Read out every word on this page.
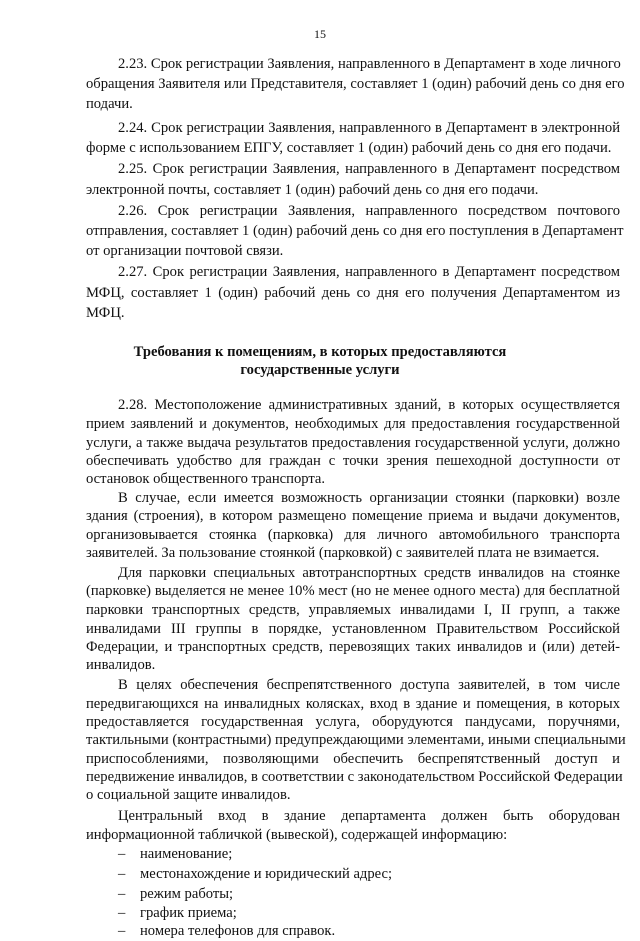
15
2.23. Срок регистрации Заявления, направленного в Департамент в ходе личного
обращения Заявителя или Представителя, составляет 1 (один) рабочий день со дня его
подачи.
2.24. Срок регистрации Заявления, направленного в Департамент в электронной
форме с использованием ЕПГУ, составляет 1 (один) рабочий день со дня его подачи.
2.25. Срок регистрации Заявления, направленного в Департамент посредством
электронной почты, составляет 1 (один) рабочий день со дня его подачи.
2.26. Срок регистрации Заявления, направленного посредством почтового
отправления, составляет 1 (один) рабочий день со дня его поступления в Департамент
от организации почтовой связи.
2.27. Срок регистрации Заявления, направленного в Департамент посредством
МФЦ, составляет 1 (один) рабочий день со дня его получения Департаментом из
МФЦ.
Требования к помещениям, в которых предоставляются
государственные услуги
2.28. Местоположение административных зданий, в которых осуществляется
прием заявлений и документов, необходимых для предоставления государственной
услуги, а также выдача результатов предоставления государственной услуги, должно
обеспечивать удобство для граждан с точки зрения пешеходной доступности от
остановок общественного транспорта.
В случае, если имеется возможность организации стоянки (парковки) возле
здания (строения), в котором размещено помещение приема и выдачи документов,
организовывается стоянка (парковка) для личного автомобильного транспорта
заявителей. За пользование стоянкой (парковкой) с заявителей плата не взимается.
Для парковки специальных автотранспортных средств инвалидов на стоянке
(парковке) выделяется не менее 10% мест (но не менее одного места) для бесплатной
парковки транспортных средств, управляемых инвалидами I, II групп, а также
инвалидами III группы в порядке, установленном Правительством Российской
Федерации, и транспортных средств, перевозящих таких инвалидов и (или) детей-
инвалидов.
В целях обеспечения беспрепятственного доступа заявителей, в том числе
передвигающихся на инвалидных колясках, вход в здание и помещения, в которых
предоставляется государственная услуга, оборудуются пандусами, поручнями,
тактильными (контрастными) предупреждающими элементами, иными специальными
приспособлениями, позволяющими обеспечить беспрепятственный доступ и
передвижение инвалидов, в соответствии с законодательством Российской Федерации
о социальной защите инвалидов.
Центральный вход в здание департамента должен быть оборудован
информационной табличкой (вывеской), содержащей информацию:
– наименование;
– местонахождение и юридический адрес;
– режим работы;
– график приема;
– номера телефонов для справок.
